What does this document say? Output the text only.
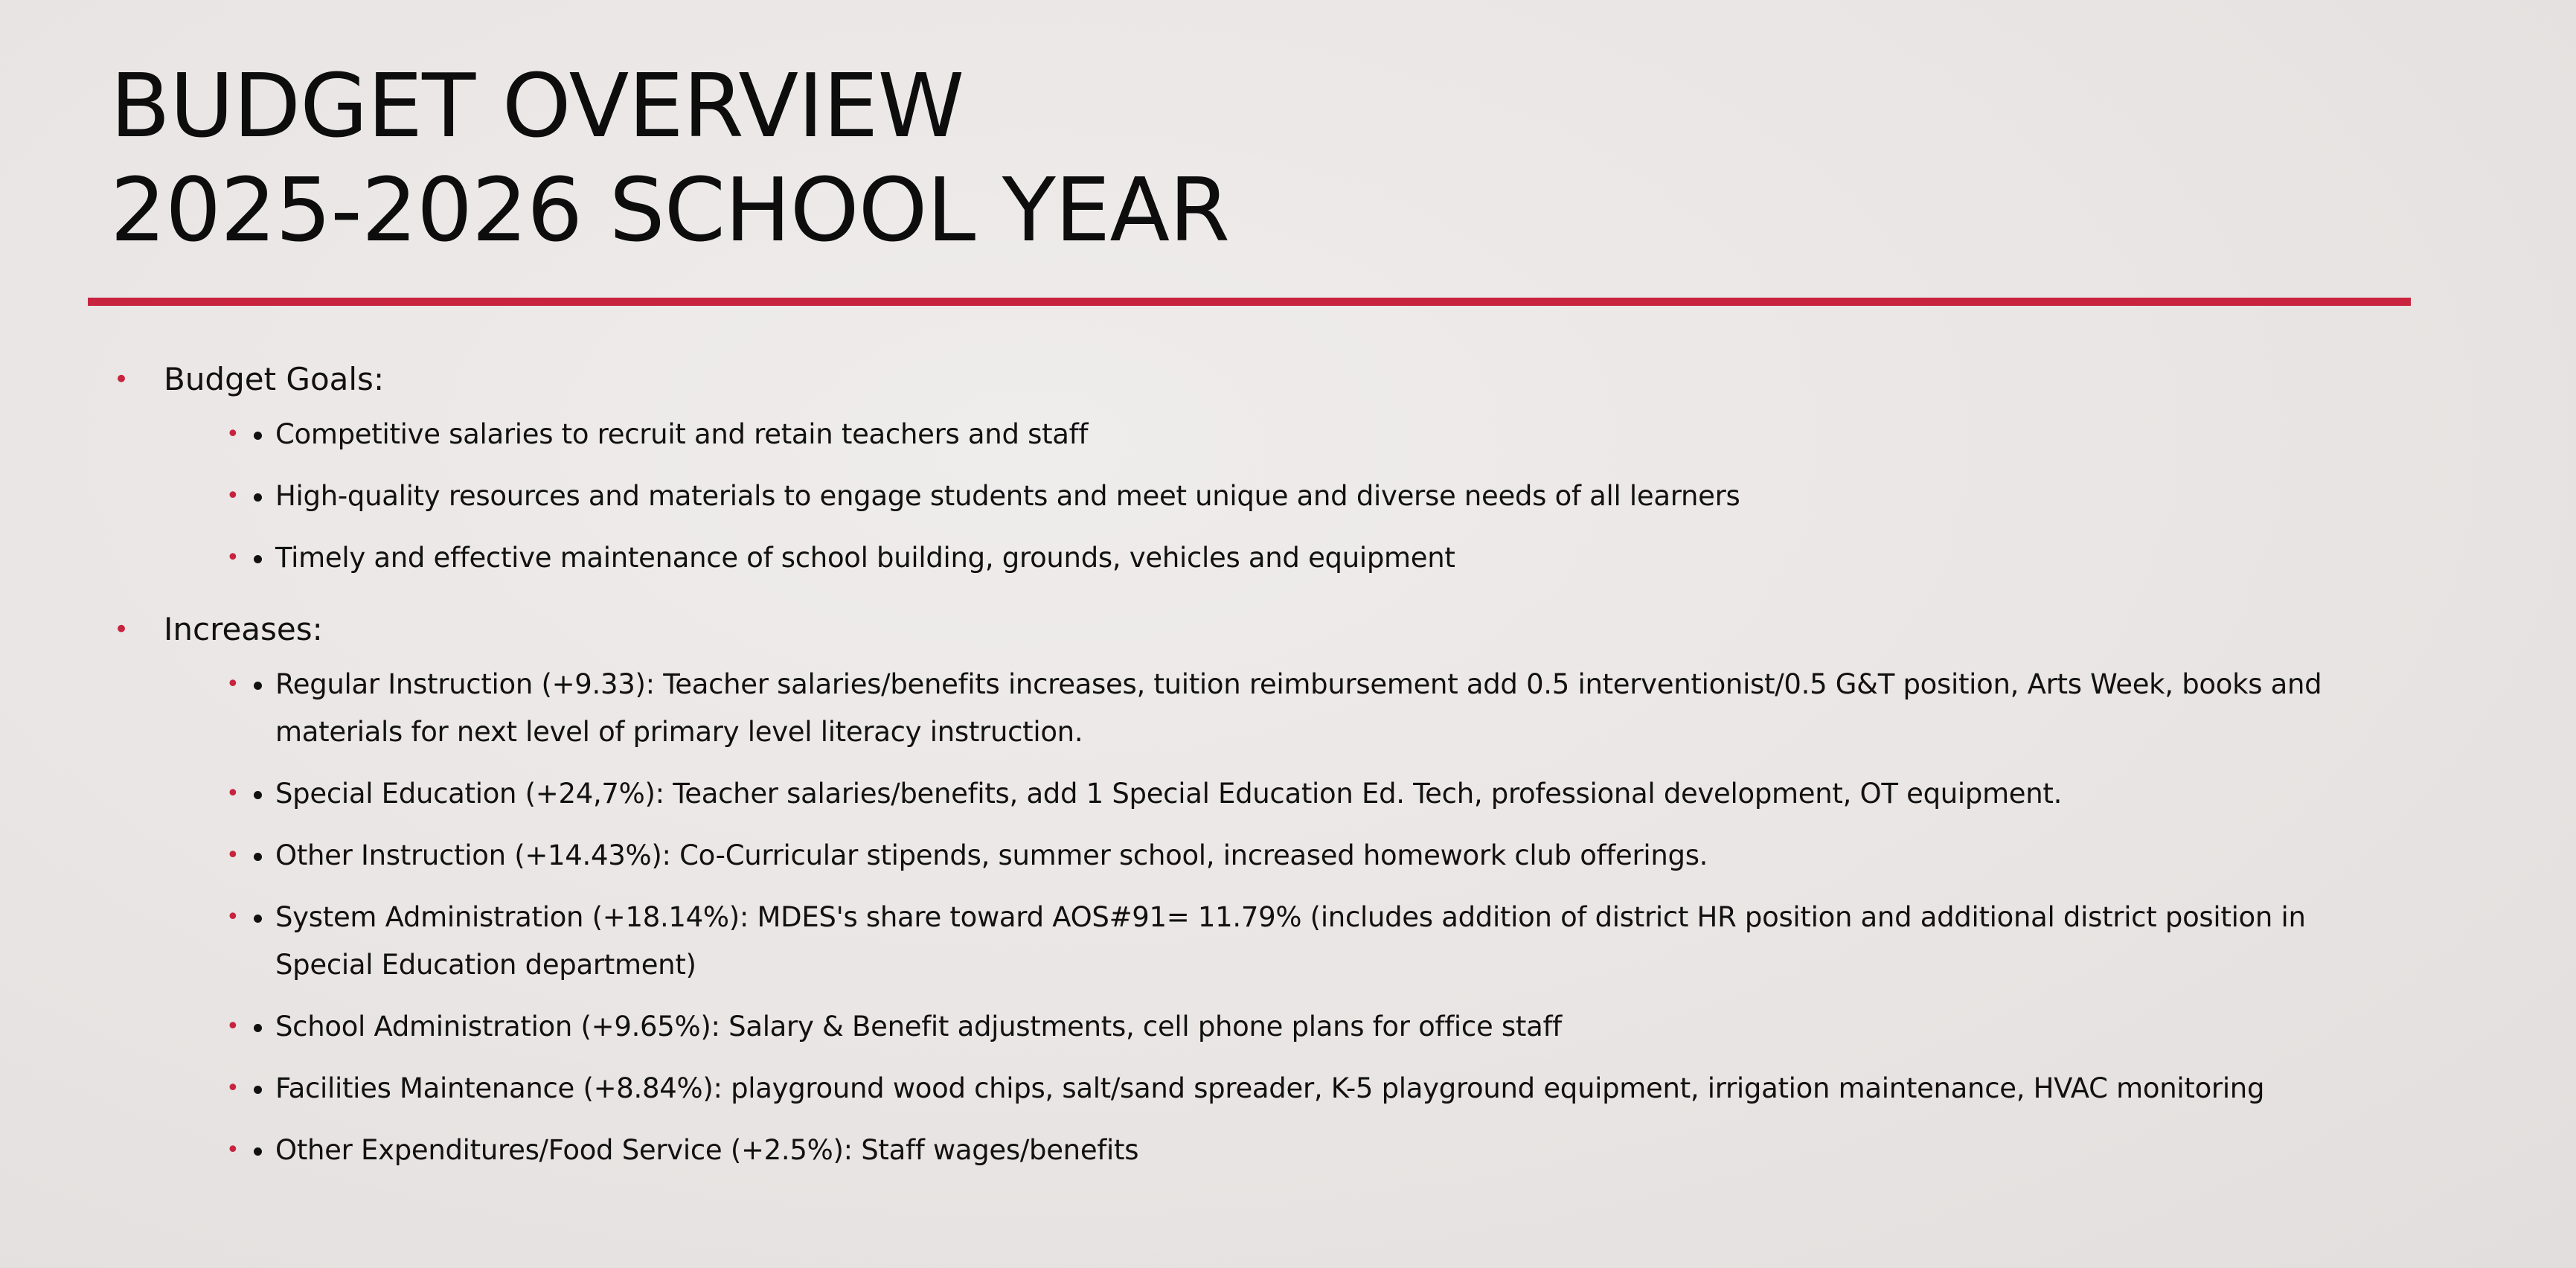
BUDGET OVERVIEW
2025-2026 SCHOOL YEAR
• Budget Goals:
• • Competitive salaries to recruit and retain teachers and staff
• • High-quality resources and materials to engage students and meet unique and diverse needs of all learners
• • Timely and effective maintenance of school building, grounds, vehicles and equipment
• Increases:
• • Regular Instruction (+9.33): Teacher salaries/benefits increases, tuition reimbursement add 0.5 interventionist/0.5 G&T position, Arts Week, books and materials for next level of primary level literacy instruction.
• • Special Education (+24,7%): Teacher salaries/benefits, add 1 Special Education Ed. Tech, professional development, OT equipment.
• • Other Instruction (+14.43%): Co-Curricular stipends, summer school, increased homework club offerings.
• • System Administration (+18.14%): MDES's share toward AOS#91= 11.79% (includes addition of district HR position and additional district position in Special Education department)
• • School Administration (+9.65%): Salary & Benefit adjustments, cell phone plans for office staff
• • Facilities Maintenance (+8.84%): playground wood chips, salt/sand spreader, K-5 playground equipment, irrigation maintenance, HVAC monitoring
• • Other Expenditures/Food Service (+2.5%): Staff wages/benefits
